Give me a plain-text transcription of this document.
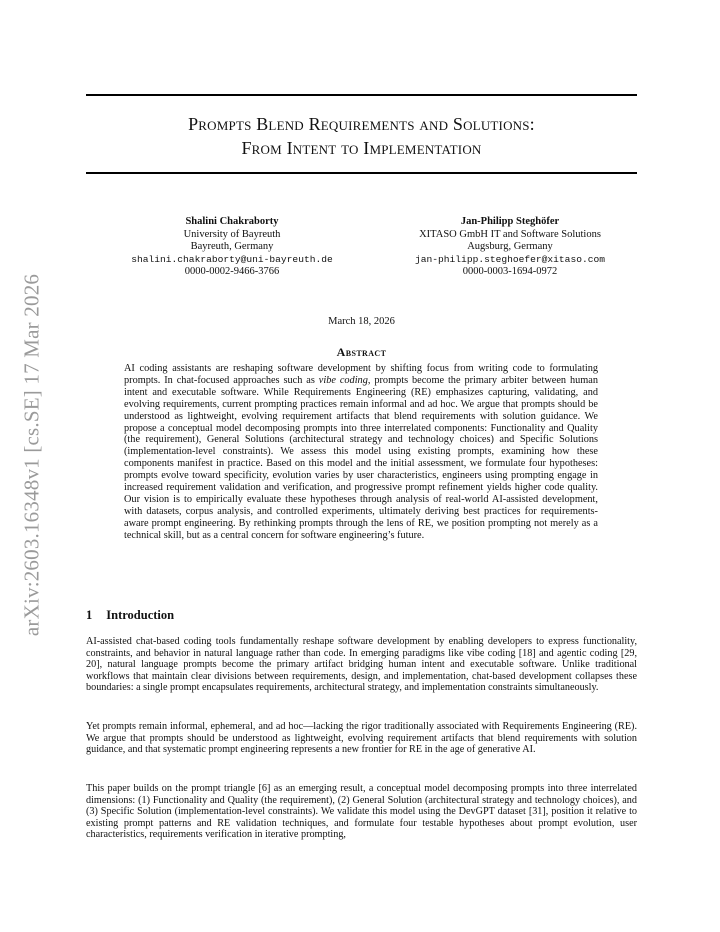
arXiv:2603.16348v1 [cs.SE] 17 Mar 2026
Prompts Blend Requirements and Solutions:
From Intent to Implementation
Shalini Chakraborty
University of Bayreuth
Bayreuth, Germany
shalini.chakraborty@uni-bayreuth.de
0000-0002-9466-3766
Jan-Philipp Steghöfer
XITASO GmbH IT and Software Solutions
Augsburg, Germany
jan-philipp.steghoefer@xitaso.com
0000-0003-1694-0972
March 18, 2026
Abstract
AI coding assistants are reshaping software development by shifting focus from writing code to formulating prompts. In chat-focused approaches such as vibe coding, prompts become the primary arbiter between human intent and executable software. While Requirements Engineering (RE) emphasizes capturing, validating, and evolving requirements, current prompting practices remain informal and ad hoc. We argue that prompts should be understood as lightweight, evolving requirement artifacts that blend requirements with solution guidance. We propose a conceptual model decomposing prompts into three interrelated components: Functionality and Quality (the requirement), General Solutions (architectural strategy and technology choices) and Specific Solutions (implementation-level constraints). We assess this model using existing prompts, examining how these components manifest in practice. Based on this model and the initial assessment, we formulate four hypotheses: prompts evolve toward specificity, evolution varies by user characteristics, engineers using prompting engage in increased requirement validation and verification, and progressive prompt refinement yields higher code quality. Our vision is to empirically evaluate these hypotheses through analysis of real-world AI-assisted development, with datasets, corpus analysis, and controlled experiments, ultimately deriving best practices for requirements-aware prompt engineering. By rethinking prompts through the lens of RE, we position prompting not merely as a technical skill, but as a central concern for software engineering’s future.
1 Introduction
AI-assisted chat-based coding tools fundamentally reshape software development by enabling developers to express functionality, constraints, and behavior in natural language rather than code. In emerging paradigms like vibe coding [18] and agentic coding [29, 20], natural language prompts become the primary artifact bridging human intent and executable software. Unlike traditional workflows that maintain clear divisions between requirements, design, and implementation, chat-based development collapses these boundaries: a single prompt encapsulates requirements, architectural strategy, and implementation constraints simultaneously.
Yet prompts remain informal, ephemeral, and ad hoc—lacking the rigor traditionally associated with Requirements Engineering (RE). We argue that prompts should be understood as lightweight, evolving requirement artifacts that blend requirements with solution guidance, and that systematic prompt engineering represents a new frontier for RE in the age of generative AI.
This paper builds on the prompt triangle [6] as an emerging result, a conceptual model decomposing prompts into three interrelated dimensions: (1) Functionality and Quality (the requirement), (2) General Solution (architectural strategy and technology choices), and (3) Specific Solution (implementation-level constraints). We validate this model using the DevGPT dataset [31], position it relative to existing prompt patterns and RE validation techniques, and formulate four testable hypotheses about prompt evolution, user characteristics, requirements verification in iterative prompting,
